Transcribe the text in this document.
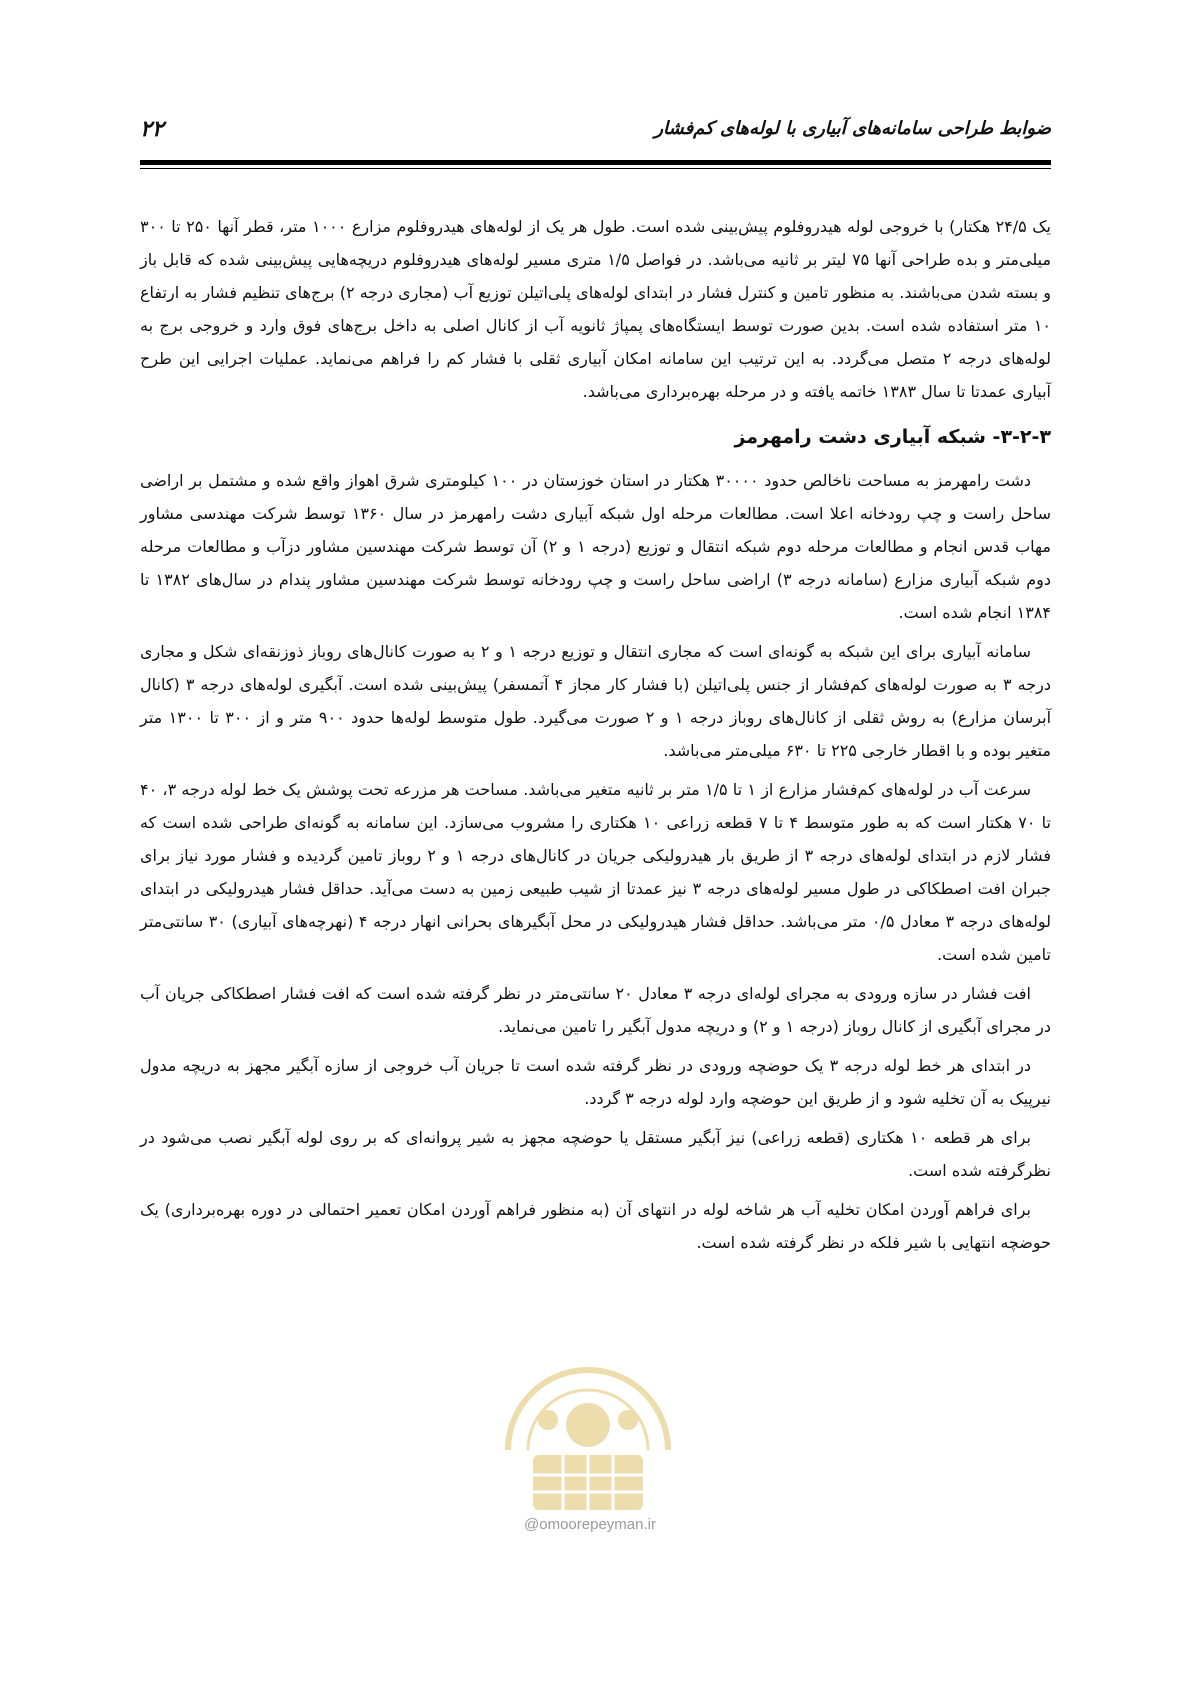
ضوابط طراحی سامانه‌های آبیاری با لوله‌های کم‌فشار
۲۲

یک ۲۴/۵ هکتار) با خروجی لوله هیدروفلوم پیش‌بینی شده است. طول هر یک از لوله‌های هیدروفلوم مزارع ۱۰۰۰ متر، قطر آنها ۲۵۰ تا ۳۰۰ میلی‌متر و بده طراحی آنها ۷۵ لیتر بر ثانیه می‌باشد. در فواصل ۱/۵ متری مسیر لوله‌های هیدروفلوم دریچه‌هایی پیش‌بینی شده که قابل باز و بسته شدن می‌باشند. به منظور تامین و کنترل فشار در ابتدای لوله‌های پلی‌اتیلن توزیع آب (مجاری درجه ۲) برج‌های تنظیم فشار به ارتفاع ۱۰ متر استفاده شده است. بدین صورت توسط ایستگاه‌های پمپاژ ثانویه آب از کانال اصلی به داخل برج‌های فوق وارد و خروجی برج به لوله‌های درجه ۲ متصل می‌گردد. به این ترتیب این سامانه امکان آبیاری ثقلی با فشار کم را فراهم می‌نماید. عملیات اجرایی این طرح آبیاری عمدتا تا سال ۱۳۸۳ خاتمه یافته و در مرحله بهره‌برداری می‌باشد.

۳-۲-۳- شبکه آبیاری دشت رامهرمز

دشت رامهرمز به مساحت ناخالص حدود ۳۰۰۰۰ هکتار در استان خوزستان در ۱۰۰ کیلومتری شرق اهواز واقع شده و مشتمل بر اراضی ساحل راست و چپ رودخانه اعلا است. مطالعات مرحله اول شبکه آبیاری دشت رامهرمز در سال ۱۳۶۰ توسط شرکت مهندسی مشاور مهاب قدس انجام و مطالعات مرحله دوم شبکه انتقال و توزیع (درجه ۱ و ۲) آن توسط شرکت مهندسین مشاور دزآب و مطالعات مرحله دوم شبکه آبیاری مزارع (سامانه درجه ۳) اراضی ساحل راست و چپ رودخانه توسط شرکت مهندسین مشاور پندام در سال‌های ۱۳۸۲ تا ۱۳۸۴ انجام شده است.

سامانه آبیاری برای این شبکه به گونه‌ای است که مجاری انتقال و توزیع درجه ۱ و ۲ به صورت کانال‌های روباز ذوزنقه‌ای شکل و مجاری درجه ۳ به صورت لوله‌های کم‌فشار از جنس پلی‌اتیلن (با فشار کار مجاز ۴ آتمسفر) پیش‌بینی شده است. آبگیری لوله‌های درجه ۳ (کانال آبرسان مزارع) به روش ثقلی از کانال‌های روباز درجه ۱ و ۲ صورت می‌گیرد. طول متوسط لوله‌ها حدود ۹۰۰ متر و از ۳۰۰ تا ۱۳۰۰ متر متغیر بوده و با اقطار خارجی ۲۲۵ تا ۶۳۰ میلی‌متر می‌باشد.

سرعت آب در لوله‌های کم‌فشار مزارع از ۱ تا ۱/۵ متر بر ثانیه متغیر می‌باشد. مساحت هر مزرعه تحت پوشش یک خط لوله درجه ۳، ۴۰ تا ۷۰ هکتار است که به طور متوسط ۴ تا ۷ قطعه زراعی ۱۰ هکتاری را مشروب می‌سازد. این سامانه به گونه‌ای طراحی شده است که فشار لازم در ابتدای لوله‌های درجه ۳ از طریق بار هیدرولیکی جریان در کانال‌های درجه ۱ و ۲ روباز تامین گردیده و فشار مورد نیاز برای جبران افت اصطکاکی در طول مسیر لوله‌های درجه ۳ نیز عمدتا از شیب طبیعی زمین به دست می‌آید. حداقل فشار هیدرولیکی در ابتدای لوله‌های درجه ۳ معادل ۰/۵ متر می‌باشد. حداقل فشار هیدرولیکی در محل آبگیرهای بحرانی انهار درجه ۴ (نهرچه‌های آبیاری) ۳۰ سانتی‌متر تامین شده است.

افت فشار در سازه ورودی به مجرای لوله‌ای درجه ۳ معادل ۲۰ سانتی‌متر در نظر گرفته شده است که افت فشار اصطکاکی جریان آب در مجرای آبگیری از کانال روباز (درجه ۱ و ۲) و دریچه مدول آبگیر را تامین می‌نماید.

در ابتدای هر خط لوله درجه ۳ یک حوضچه ورودی در نظر گرفته شده است تا جریان آب خروجی از سازه آبگیر مجهز به دریچه مدول نیرپیک به آن تخلیه شود و از طریق این حوضچه وارد لوله درجه ۳ گردد.

برای هر قطعه ۱۰ هکتاری (قطعه زراعی) نیز آبگیر مستقل یا حوضچه مجهز به شیر پروانه‌ای که بر روی لوله آبگیر نصب می‌شود در نظرگرفته شده است.

برای فراهم آوردن امکان تخلیه آب هر شاخه لوله در انتهای آن (به منظور فراهم آوردن امکان تعمیر احتمالی در دوره بهره‌برداری) یک حوضچه انتهایی با شیر فلکه در نظر گرفته شده است.

@omoorepeyman.ir
